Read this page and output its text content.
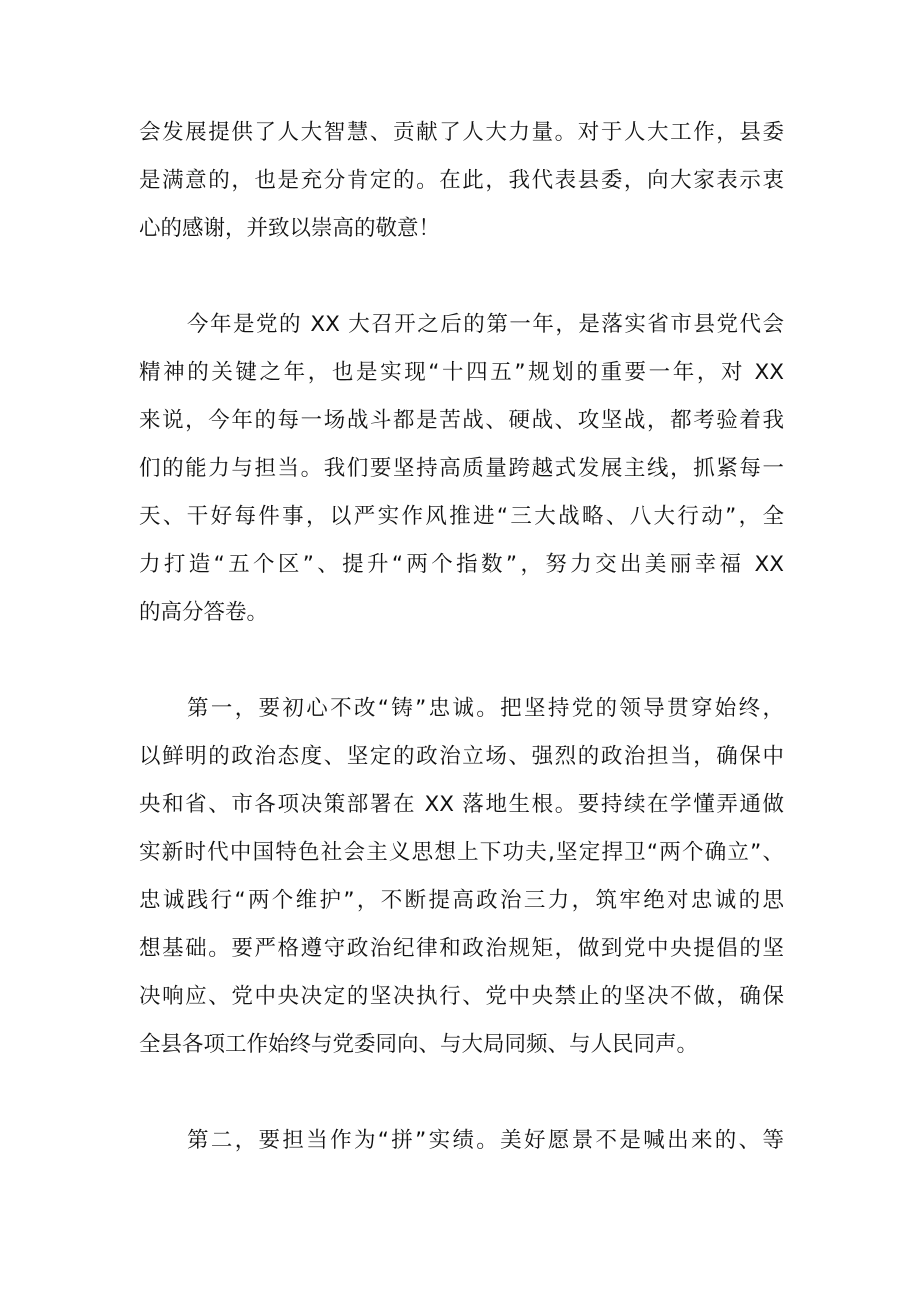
会发展提供了人大智慧、贡献了人大力量。对于人大工作，县委
是满意的，也是充分肯定的。在此，我代表县委，向大家表示衷
心的感谢，并致以崇高的敬意！

今年是党的 XX 大召开之后的第一年，是落实省市县党代会
精神的关键之年，也是实现“十四五”规划的重要一年，对 XX
来说，今年的每一场战斗都是苦战、硬战、攻坚战，都考验着我
们的能力与担当。我们要坚持高质量跨越式发展主线，抓紧每一
天、干好每件事，以严实作风推进“三大战略、八大行动”，全
力打造“五个区”、提升“两个指数”，努力交出美丽幸福 XX
的高分答卷。

第一，要初心不改“铸”忠诚。把坚持党的领导贯穿始终，
以鲜明的政治态度、坚定的政治立场、强烈的政治担当，确保中
央和省、市各项决策部署在 XX 落地生根。要持续在学懂弄通做
实新时代中国特色社会主义思想上下功夫,坚定捍卫“两个确立”、
忠诚践行“两个维护”，不断提高政治三力，筑牢绝对忠诚的思
想基础。要严格遵守政治纪律和政治规矩，做到党中央提倡的坚
决响应、党中央决定的坚决执行、党中央禁止的坚决不做，确保
全县各项工作始终与党委同向、与大局同频、与人民同声。

第二，要担当作为“拼”实绩。美好愿景不是喊出来的、等
